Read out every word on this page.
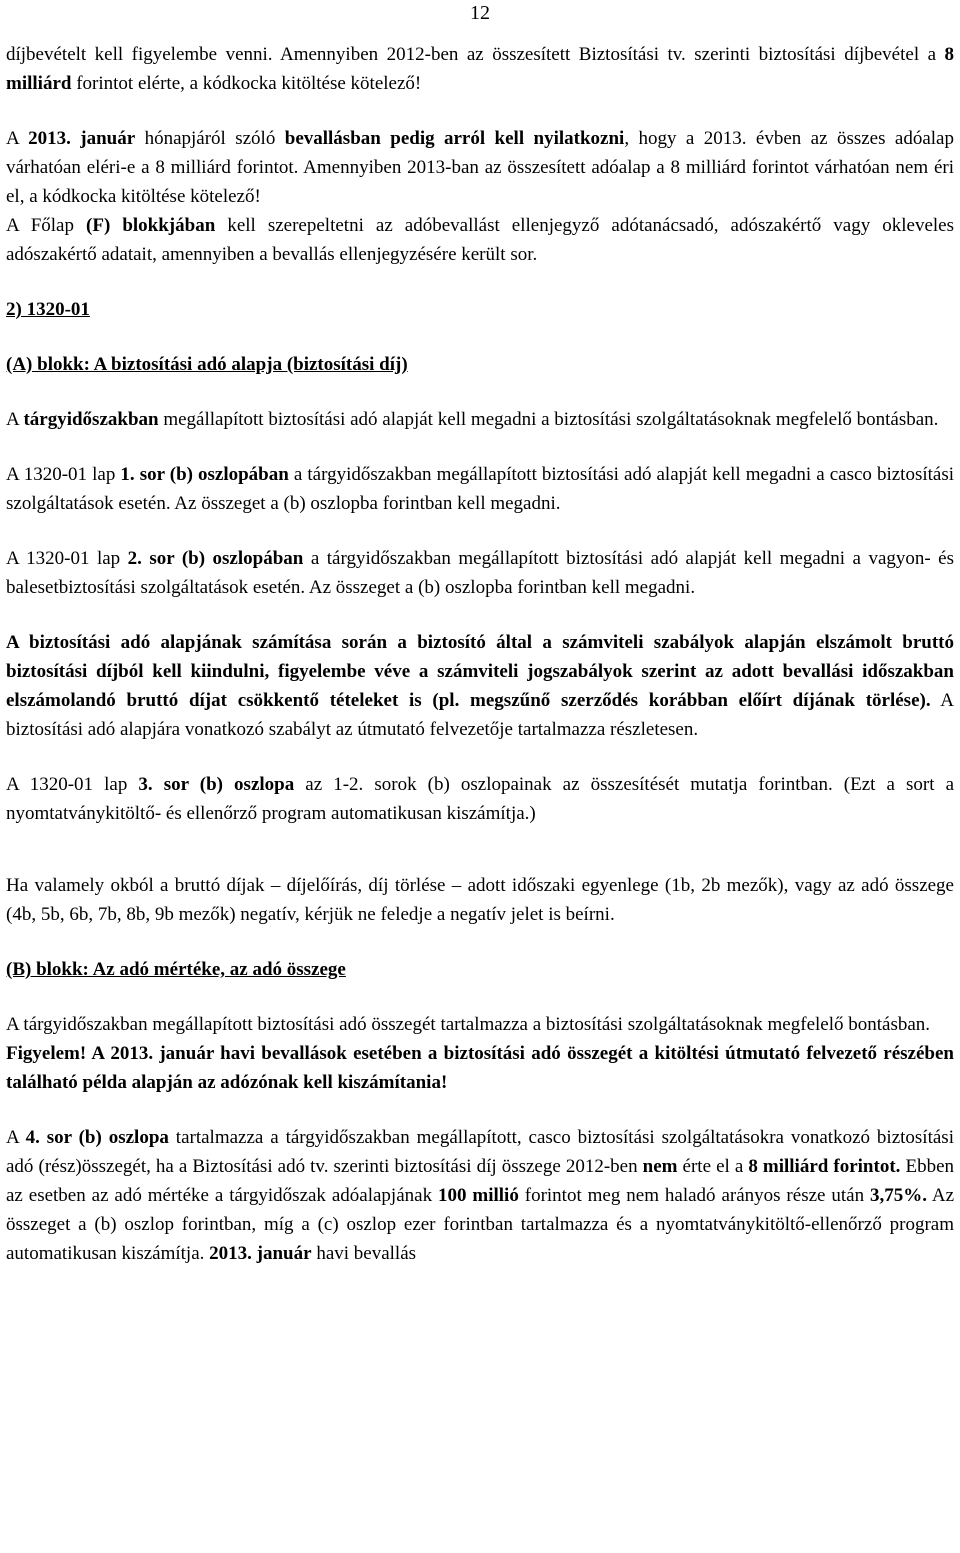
12

díjbevételt kell figyelembe venni. Amennyiben 2012-ben az összesített Biztosítási tv. szerinti biztosítási díjbevétel a 8 milliárd forintot elérte, a kódkocka kitöltése kötelező!

A 2013. január hónapjáról szóló bevallásban pedig arról kell nyilatkozni, hogy a 2013. évben az összes adóalap várhatóan eléri-e a 8 milliárd forintot. Amennyiben 2013-ban az összesített adóalap a 8 milliárd forintot várhatóan nem éri el, a kódkocka kitöltése kötelező!

A Főlap (F) blokkjában kell szerepeltetni az adóbevallást ellenjegyző adótanácsadó, adószakértő vagy okleveles adószakértő adatait, amennyiben a bevallás ellenjegyzésére került sor.

2) 1320-01

(A) blokk: A biztosítási adó alapja (biztosítási díj)

A tárgyidőszakban megállapított biztosítási adó alapját kell megadni a biztosítási szolgáltatásoknak megfelelő bontásban.

A 1320-01 lap 1. sor (b) oszlopában a tárgyidőszakban megállapított biztosítási adó alapját kell megadni a casco biztosítási szolgáltatások esetén. Az összeget a (b) oszlopba forintban kell megadni.

A 1320-01 lap 2. sor (b) oszlopában a tárgyidőszakban megállapított biztosítási adó alapját kell megadni a vagyon- és balesetbiztosítási szolgáltatások esetén. Az összeget a (b) oszlopba forintban kell megadni.

A biztosítási adó alapjának számítása során a biztosító által a számviteli szabályok alapján elszámolt bruttó biztosítási díjból kell kiindulni, figyelembe véve a számviteli jogszabályok szerint az adott bevallási időszakban elszámolandó bruttó díjat csökkentő tételeket is (pl. megszűnő szerződés korábban előírt díjának törlése). A biztosítási adó alapjára vonatkozó szabályt az útmutató felvezetője tartalmazza részletesen.

A 1320-01 lap 3. sor (b) oszlopa az 1-2. sorok (b) oszlopainak az összesítését mutatja forintban. (Ezt a sort a nyomtatványkitöltő- és ellenőrző program automatikusan kiszámítja.)

Ha valamely okból a bruttó díjak – díjelőírás, díj törlése – adott időszaki egyenlege (1b, 2b mezők), vagy az adó összege (4b, 5b, 6b, 7b, 8b, 9b mezők) negatív, kérjük ne feledje a negatív jelet is beírni.

(B) blokk: Az adó mértéke, az adó összege

A tárgyidőszakban megállapított biztosítási adó összegét tartalmazza a biztosítási szolgáltatásoknak megfelelő bontásban.

Figyelem! A 2013. január havi bevallások esetében a biztosítási adó összegét a kitöltési útmutató felvezető részében található példa alapján az adózónak kell kiszámítania!

A 4. sor (b) oszlopa tartalmazza a tárgyidőszakban megállapított, casco biztosítási szolgáltatásokra vonatkozó biztosítási adó (rész)összegét, ha a Biztosítási adó tv. szerinti biztosítási díj összege 2012-ben nem érte el a 8 milliárd forintot. Ebben az esetben az adó mértéke a tárgyidőszak adóalapjának 100 millió forintot meg nem haladó arányos része után 3,75%. Az összeget a (b) oszlop forintban, míg a (c) oszlop ezer forintban tartalmazza és a nyomtatványkitöltő-ellenőrző program automatikusan kiszámítja. 2013. január havi bevallás
